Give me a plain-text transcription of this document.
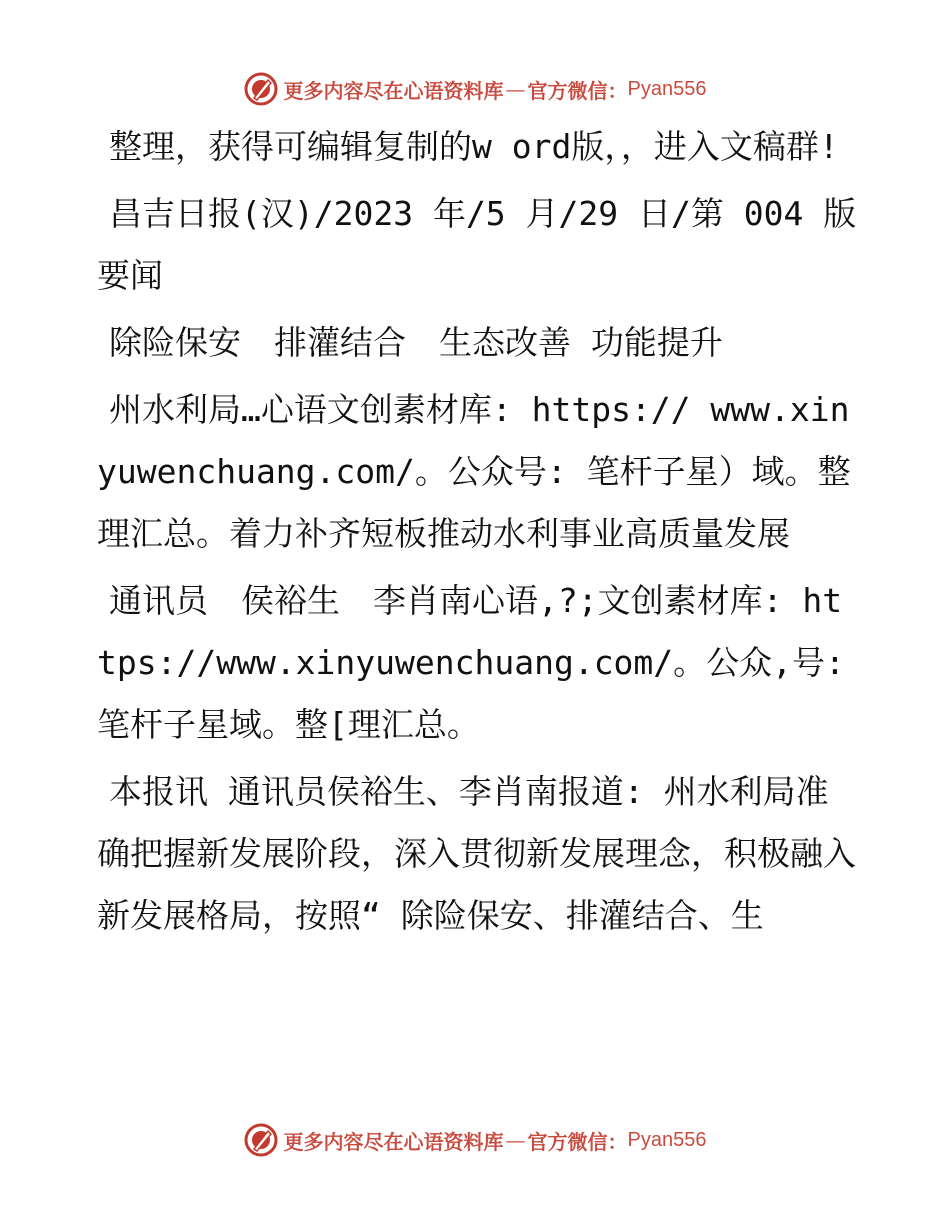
更多内容尽在心语资料库 — 官方微信： Pyan556

整理，获得可编辑复制的w ord版，，进入文稿群!

昌吉日报(汉)/2023 年/5 月/29 日/第 004 版要闻

除险保安　排灌结合　生态改善 功能提升

州水利局…心语文创素材库: https:// www.xinyuwenchuang.com/。公众号: 笔杆子星）域。整理汇总。着力补齐短板推动水利事业高质量发展

通讯员　侯裕生　李肖南心语,?;文创素材库: https://www.xinyuwenchuang.com/。公众,号: 笔杆子星域。整[理汇总。

本报讯 通讯员侯裕生、李肖南报道: 州水利局准确把握新发展阶段，深入贯彻新发展理念，积极融入新发展格局，按照“ 除险保安、排灌结合、生

更多内容尽在心语资料库 — 官方微信： Pyan556
